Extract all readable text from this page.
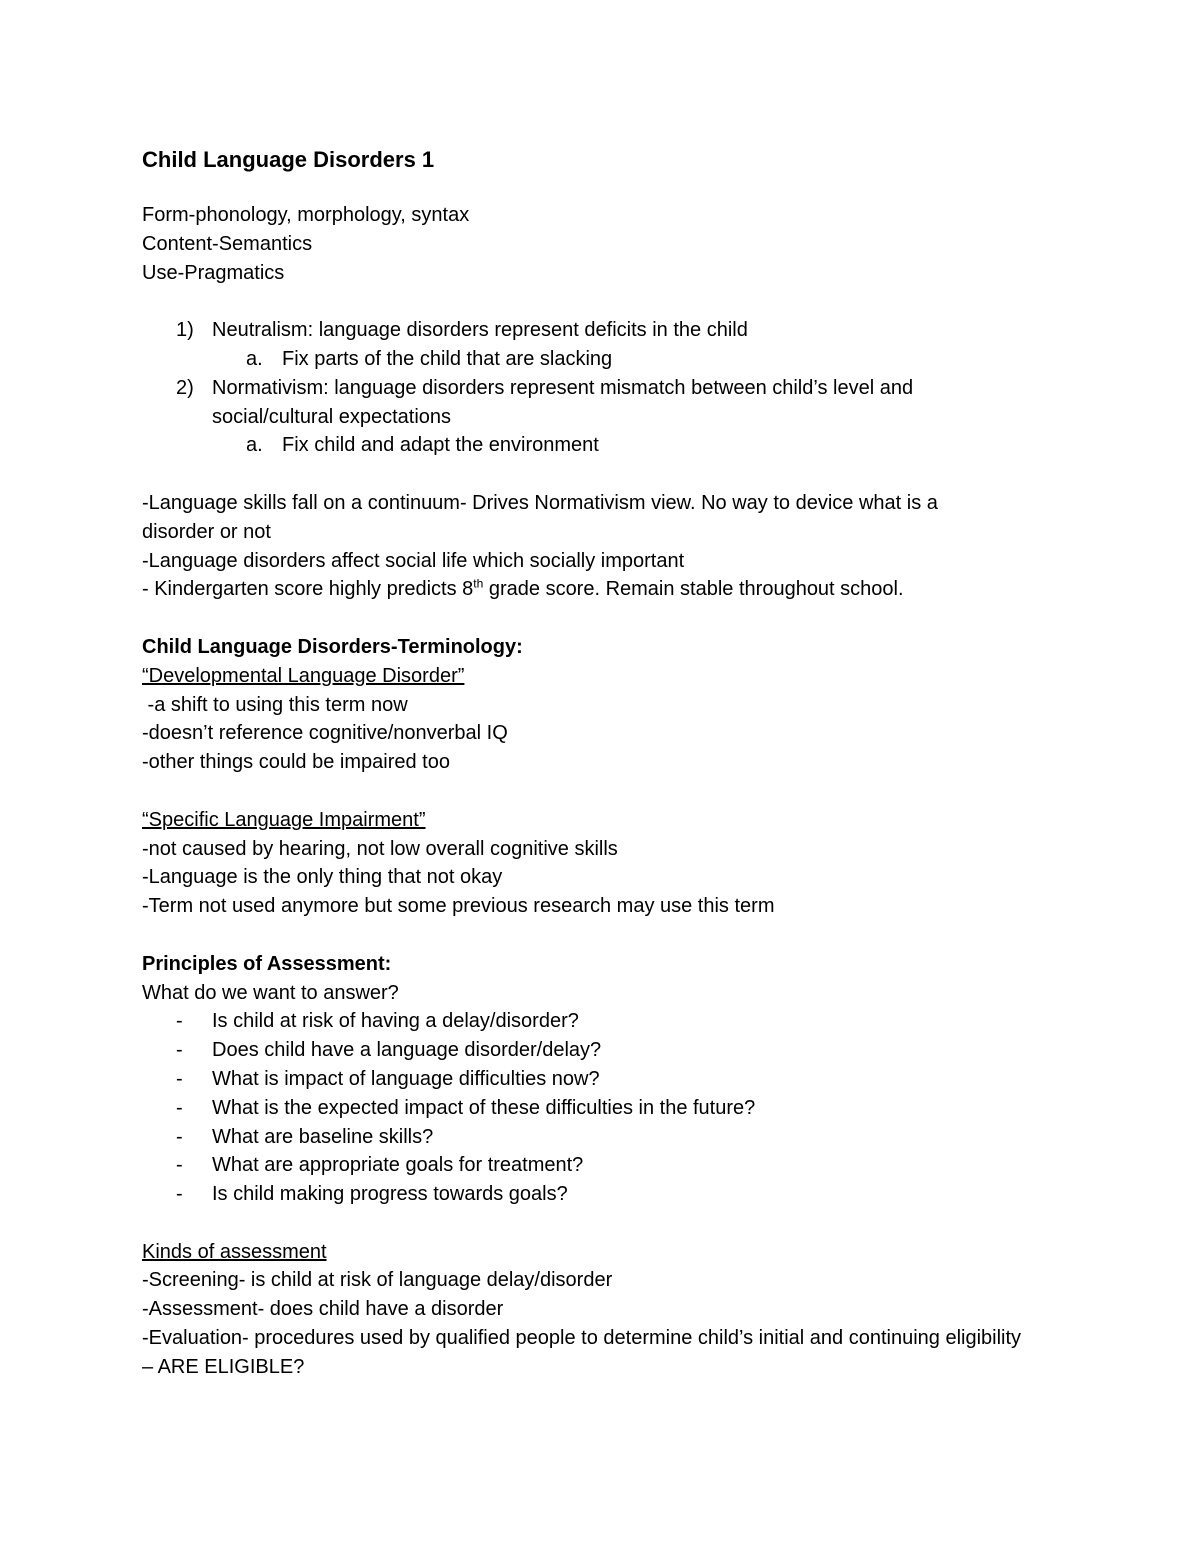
Child Language Disorders 1

Form-phonology, morphology, syntax

Content-Semantics

Use-Pragmatics

1) Neutralism: language disorders represent deficits in the child
a. Fix parts of the child that are slacking
2) Normativism: language disorders represent mismatch between child’s level and social/cultural expectations
a. Fix child and adapt the environment

-Language skills fall on a continuum- Drives Normativism view. No way to device what is a disorder or not

-Language disorders affect social life which socially important

- Kindergarten score highly predicts 8th grade score. Remain stable throughout school.

Child Language Disorders-Terminology:

“Developmental Language Disorder”

-a shift to using this term now

-doesn’t reference cognitive/nonverbal IQ

-other things could be impaired too

“Specific Language Impairment”

-not caused by hearing, not low overall cognitive skills

-Language is the only thing that not okay

-Term not used anymore but some previous research may use this term

Principles of Assessment:

What do we want to answer?

-	Is child at risk of having a delay/disorder?
-	Does child have a language disorder/delay?
-	What is impact of language difficulties now?
-	What is the expected impact of these difficulties in the future?
-	What are baseline skills?
-	What are appropriate goals for treatment?
-	Is child making progress towards goals?

Kinds of assessment

-Screening- is child at risk of language delay/disorder

-Assessment- does child have a disorder

-Evaluation- procedures used by qualified people to determine child’s initial and continuing eligibility – ARE ELIGIBLE?
